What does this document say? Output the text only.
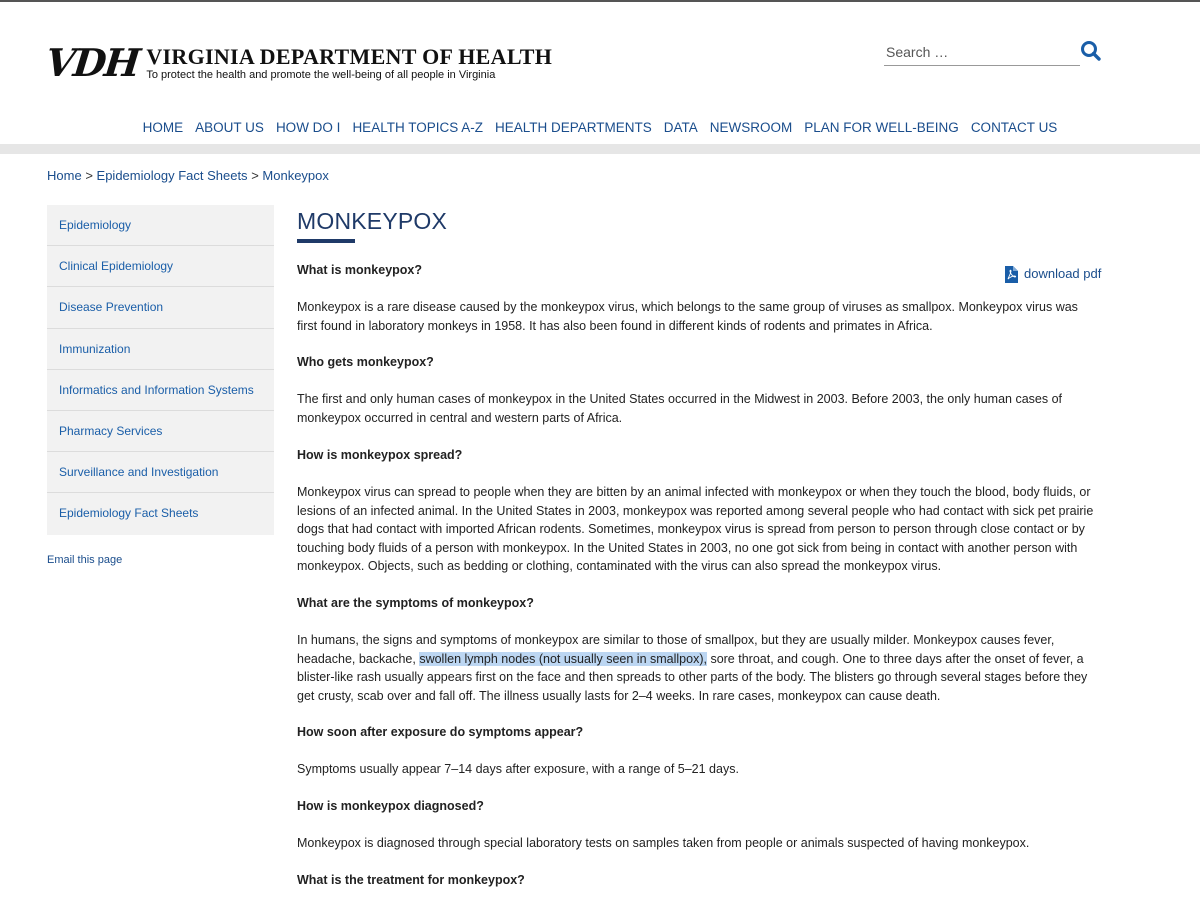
VDH VIRGINIA DEPARTMENT OF HEALTH
To protect the health and promote the well-being of all people in Virginia
Search …
HOME ABOUT US HOW DO I HEALTH TOPICS A-Z HEALTH DEPARTMENTS DATA NEWSROOM PLAN FOR WELL-BEING CONTACT US
Home > Epidemiology Fact Sheets > Monkeypox
Epidemiology
Clinical Epidemiology
Disease Prevention
Immunization
Informatics and Information Systems
Pharmacy Services
Surveillance and Investigation
Epidemiology Fact Sheets
Email this page
MONKEYPOX
download pdf

What is monkeypox?

Monkeypox is a rare disease caused by the monkeypox virus, which belongs to the same group of viruses as smallpox. Monkeypox virus was first found in laboratory monkeys in 1958. It has also been found in different kinds of rodents and primates in Africa.

Who gets monkeypox?

The first and only human cases of monkeypox in the United States occurred in the Midwest in 2003. Before 2003, the only human cases of monkeypox occurred in central and western parts of Africa.

How is monkeypox spread?

Monkeypox virus can spread to people when they are bitten by an animal infected with monkeypox or when they touch the blood, body fluids, or lesions of an infected animal. In the United States in 2003, monkeypox was reported among several people who had contact with sick pet prairie dogs that had contact with imported African rodents. Sometimes, monkeypox virus is spread from person to person through close contact or by touching body fluids of a person with monkeypox. In the United States in 2003, no one got sick from being in contact with another person with monkeypox. Objects, such as bedding or clothing, contaminated with the virus can also spread the monkeypox virus.

What are the symptoms of monkeypox?

In humans, the signs and symptoms of monkeypox are similar to those of smallpox, but they are usually milder. Monkeypox causes fever, headache, backache, swollen lymph nodes (not usually seen in smallpox), sore throat, and cough. One to three days after the onset of fever, a blister-like rash usually appears first on the face and then spreads to other parts of the body. The blisters go through several stages before they get crusty, scab over and fall off. The illness usually lasts for 2–4 weeks. In rare cases, monkeypox can cause death.

How soon after exposure do symptoms appear?

Symptoms usually appear 7–14 days after exposure, with a range of 5–21 days.

How is monkeypox diagnosed?

Monkeypox is diagnosed through special laboratory tests on samples taken from people or animals suspected of having monkeypox.

What is the treatment for monkeypox?
